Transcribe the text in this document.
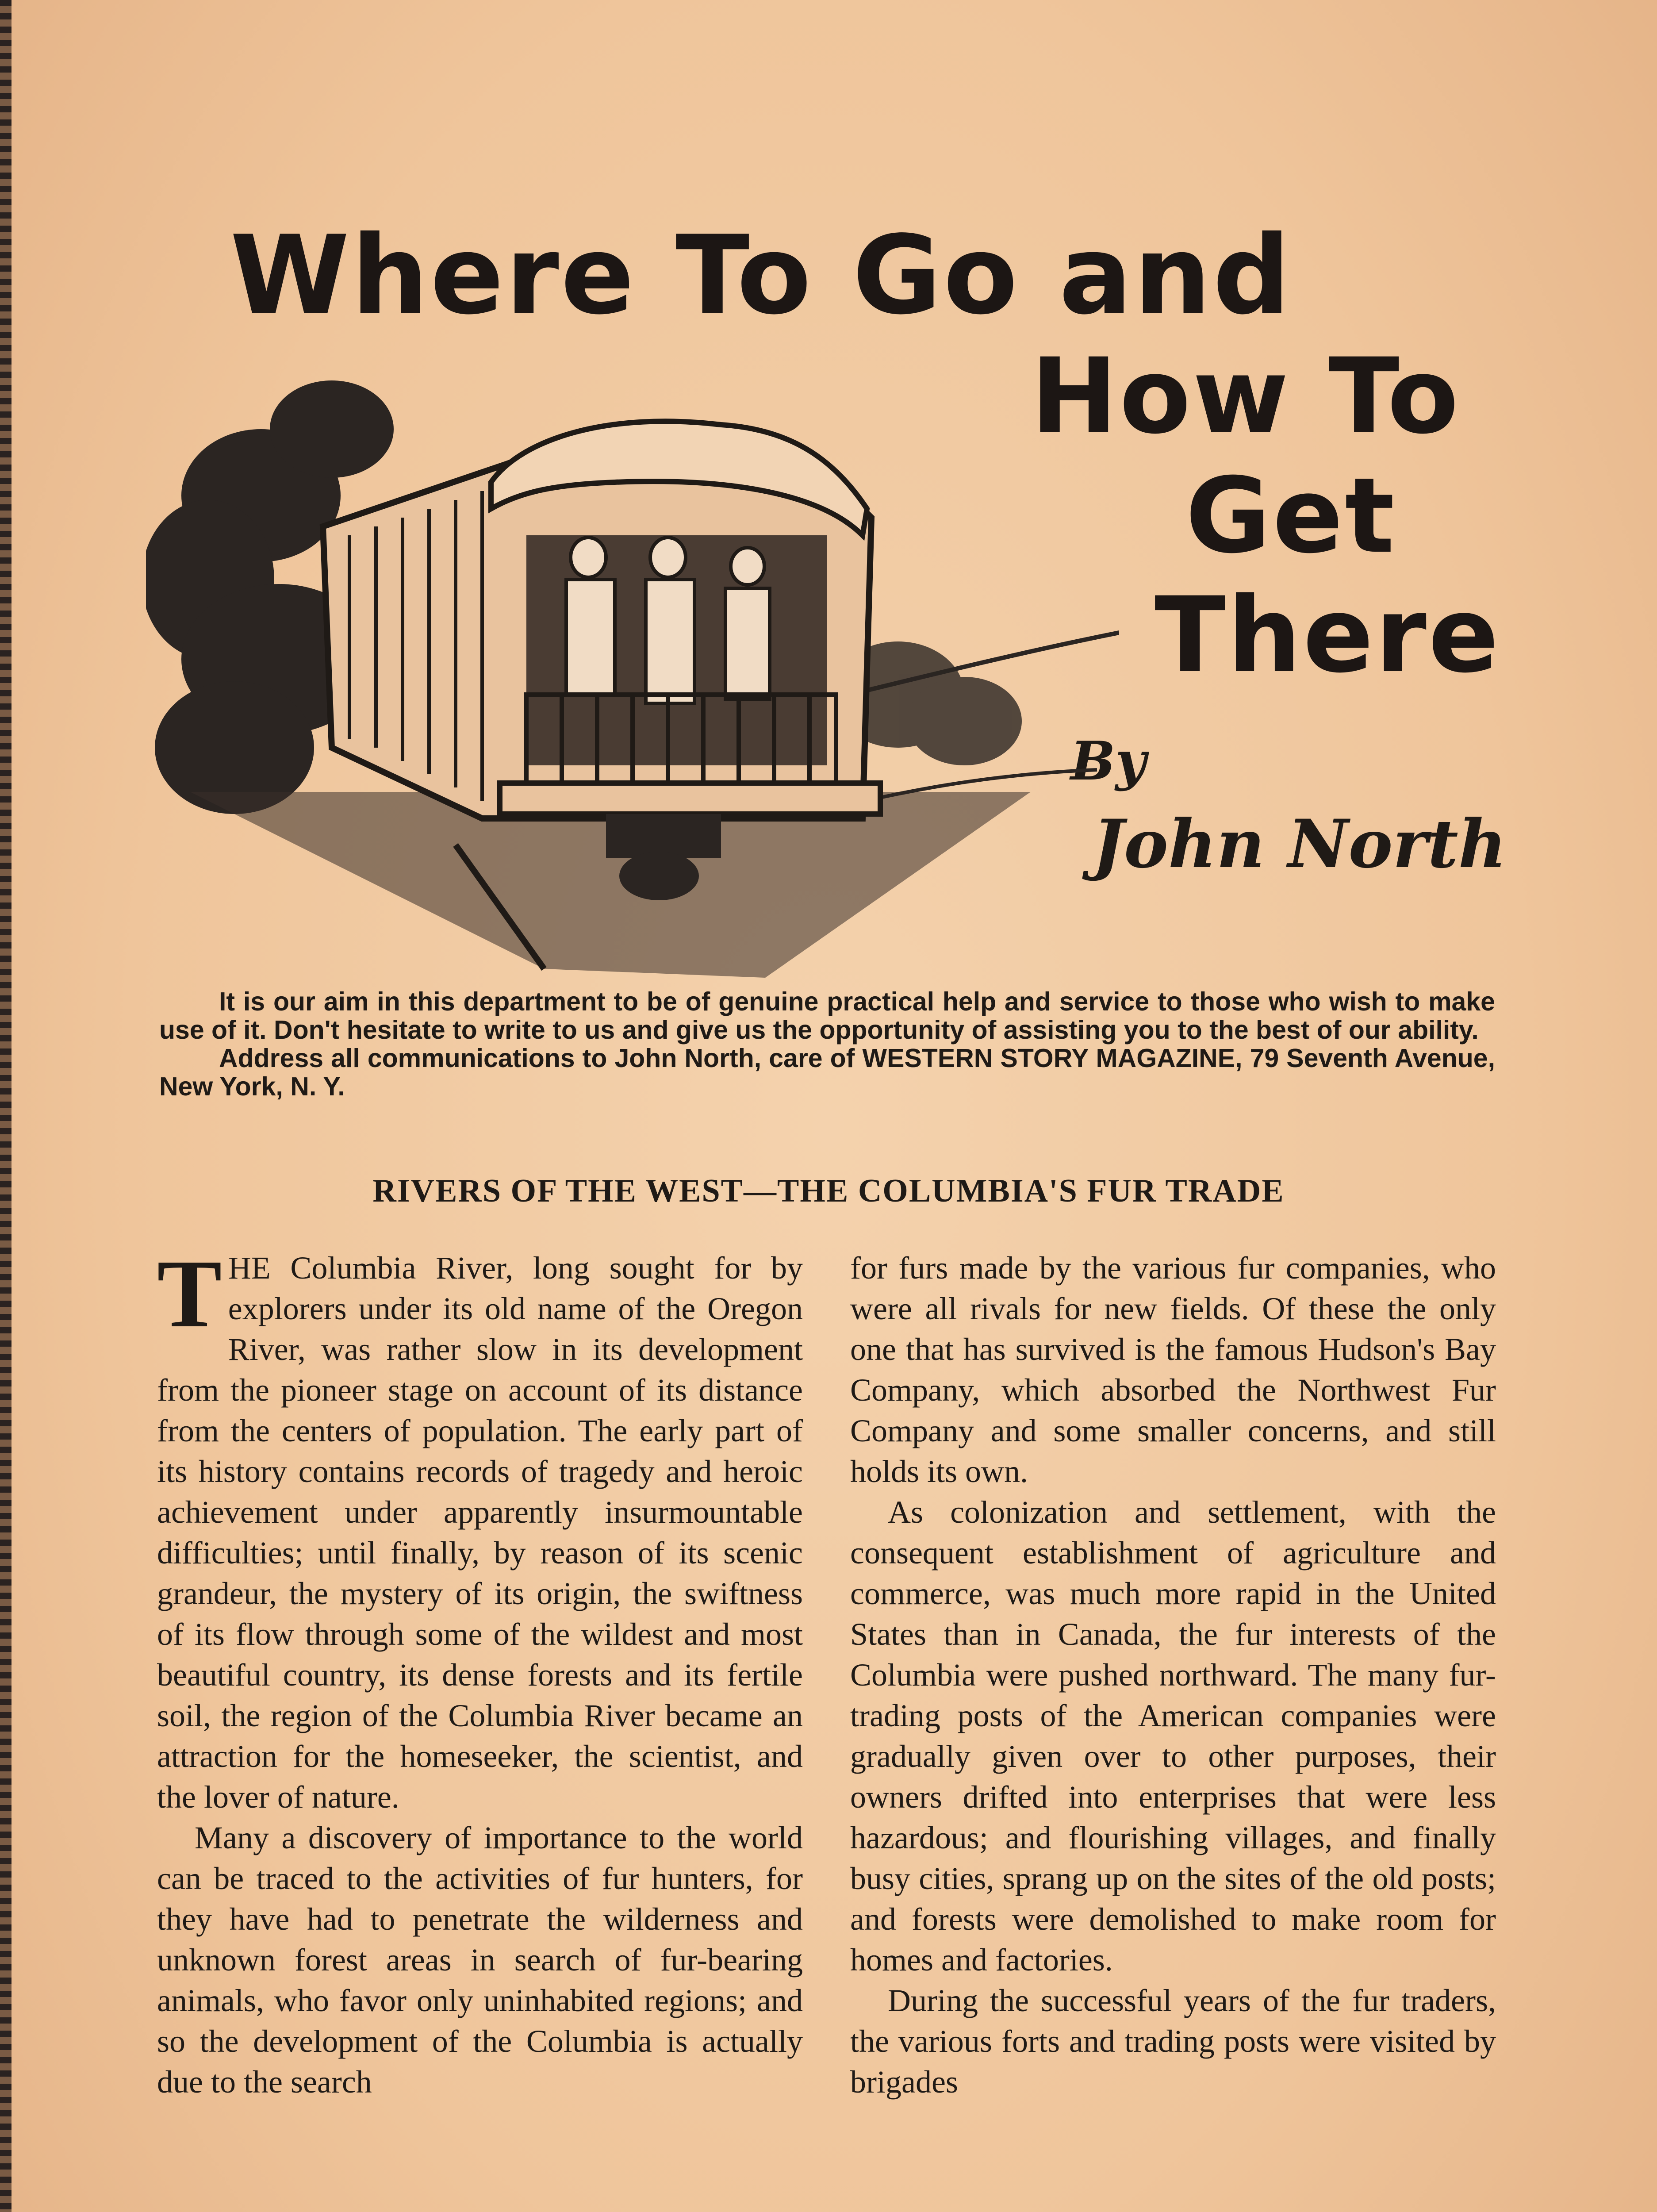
Where To Go and
How To
Get
There
By
John North

It is our aim in this department to be of genuine practical help and service to those who wish to make use of it. Don't hesitate to write to us and give us the opportunity of assisting you to the best of our ability.

Address all communications to John North, care of WESTERN STORY MAGAZINE, 79 Seventh Avenue, New York, N. Y.

RIVERS OF THE WEST—THE COLUMBIA'S FUR TRADE

THE Columbia River, long sought for by explorers under its old name of the Oregon River, was rather slow in its development from the pioneer stage on account of its distance from the centers of population. The early part of its history contains records of tragedy and heroic achievement under apparently insurmountable difficulties; until finally, by reason of its scenic grandeur, the mystery of its origin, the swiftness of its flow through some of the wildest and most beautiful country, its dense forests and its fertile soil, the region of the Columbia River became an attraction for the homeseeker, the scientist, and the lover of nature.

Many a discovery of importance to the world can be traced to the activities of fur hunters, for they have had to penetrate the wilderness and unknown forest areas in search of fur-bearing animals, who favor only uninhabited regions; and so the development of the Columbia is actually due to the search

for furs made by the various fur companies, who were all rivals for new fields. Of these the only one that has survived is the famous Hudson's Bay Company, which absorbed the Northwest Fur Company and some smaller concerns, and still holds its own.

As colonization and settlement, with the consequent establishment of agriculture and commerce, was much more rapid in the United States than in Canada, the fur interests of the Columbia were pushed northward. The many fur-trading posts of the American companies were gradually given over to other purposes, their owners drifted into enterprises that were less hazardous; and flourishing villages, and finally busy cities, sprang up on the sites of the old posts; and forests were demolished to make room for homes and factories.

During the successful years of the fur traders, the various forts and trading posts were visited by brigades
